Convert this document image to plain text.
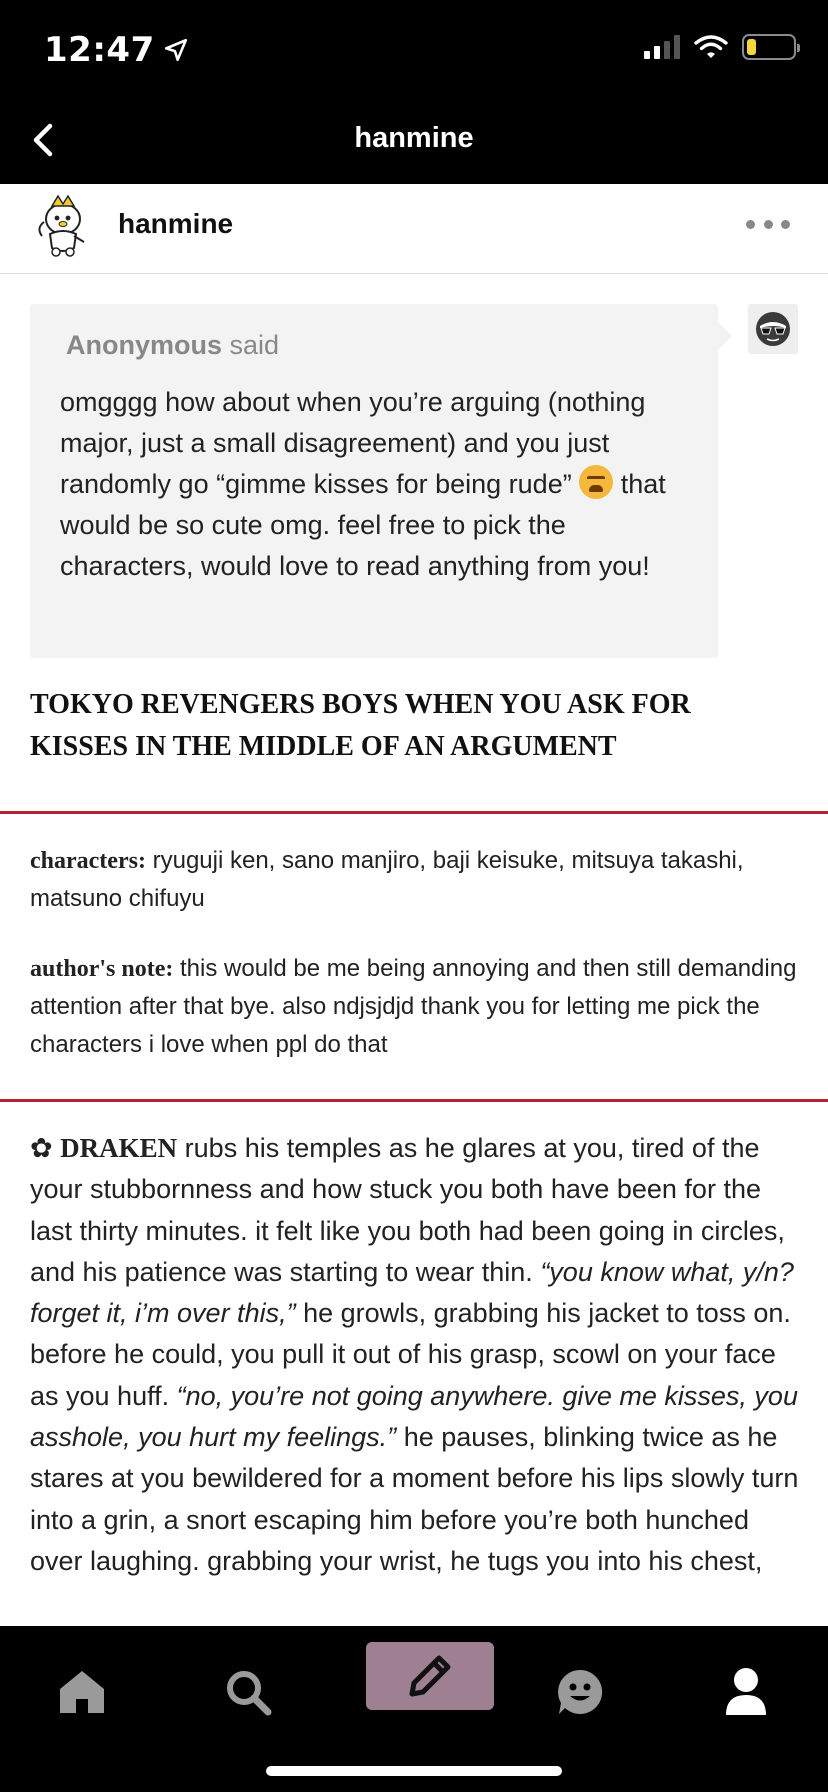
12:47
hanmine
hanmine
Anonymous said
omgggg how about when you’re arguing (nothing major, just a small disagreement) and you just randomly go “gimme kisses for being rude” that would be so cute omg. feel free to pick the characters, would love to read anything from you!
TOKYO REVENGERS BOYS WHEN YOU ASK FOR KISSES IN THE MIDDLE OF AN ARGUMENT
characters: ryuguji ken, sano manjiro, baji keisuke, mitsuya takashi, matsuno chifuyu
author's note: this would be me being annoying and then still demanding attention after that bye. also ndjsjdjd thank you for letting me pick the characters i love when ppl do that
✿ DRAKEN rubs his temples as he glares at you, tired of the your stubbornness and how stuck you both have been for the last thirty minutes. it felt like you both had been going in circles, and his patience was starting to wear thin. “you know what, y/n? forget it, i’m over this,” he growls, grabbing his jacket to toss on. before he could, you pull it out of his grasp, scowl on your face as you huff. “no, you’re not going anywhere. give me kisses, you asshole, you hurt my feelings.” he pauses, blinking twice as he stares at you bewildered for a moment before his lips slowly turn into a grin, a snort escaping him before you’re both hunched over laughing. grabbing your wrist, he tugs you into his chest,
